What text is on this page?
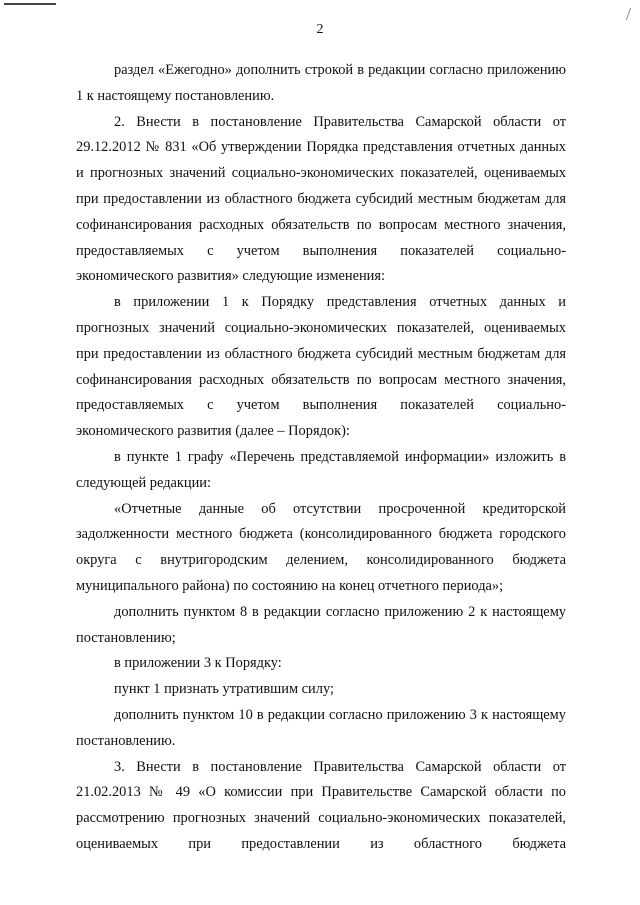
2

раздел «Ежегодно» дополнить строкой в редакции согласно приложению 1 к настоящему постановлению.

2. Внести в постановление Правительства Самарской области от 29.12.2012 № 831 «Об утверждении Порядка представления отчетных данных и прогнозных значений социально-экономических показателей, оцениваемых при предоставлении из областного бюджета субсидий местным бюджетам для софинансирования расходных обязательств по вопросам местного значения, предоставляемых с учетом выполнения показателей социально-экономического развития» следующие изменения:

в приложении 1 к Порядку представления отчетных данных и прогнозных значений социально-экономических показателей, оцениваемых при предоставлении из областного бюджета субсидий местным бюджетам для софинансирования расходных обязательств по вопросам местного значения, предоставляемых с учетом выполнения показателей социально-экономического развития (далее – Порядок):

в пункте 1 графу «Перечень представляемой информации» изложить в следующей редакции:

«Отчетные данные об отсутствии просроченной кредиторской задолженности местного бюджета (консолидированного бюджета городского округа с внутригородским делением, консолидированного бюджета муниципального района) по состоянию на конец отчетного периода»;

дополнить пунктом 8 в редакции согласно приложению 2 к настоящему постановлению;

в приложении 3 к Порядку:

пункт 1 признать утратившим силу;

дополнить пунктом 10 в редакции согласно приложению 3 к настоящему постановлению.

3. Внести в постановление Правительства Самарской области от 21.02.2013 № 49 «О комиссии при Правительстве Самарской области по рассмотрению прогнозных значений социально-экономических показателей, оцениваемых при предоставлении из областного бюджета
